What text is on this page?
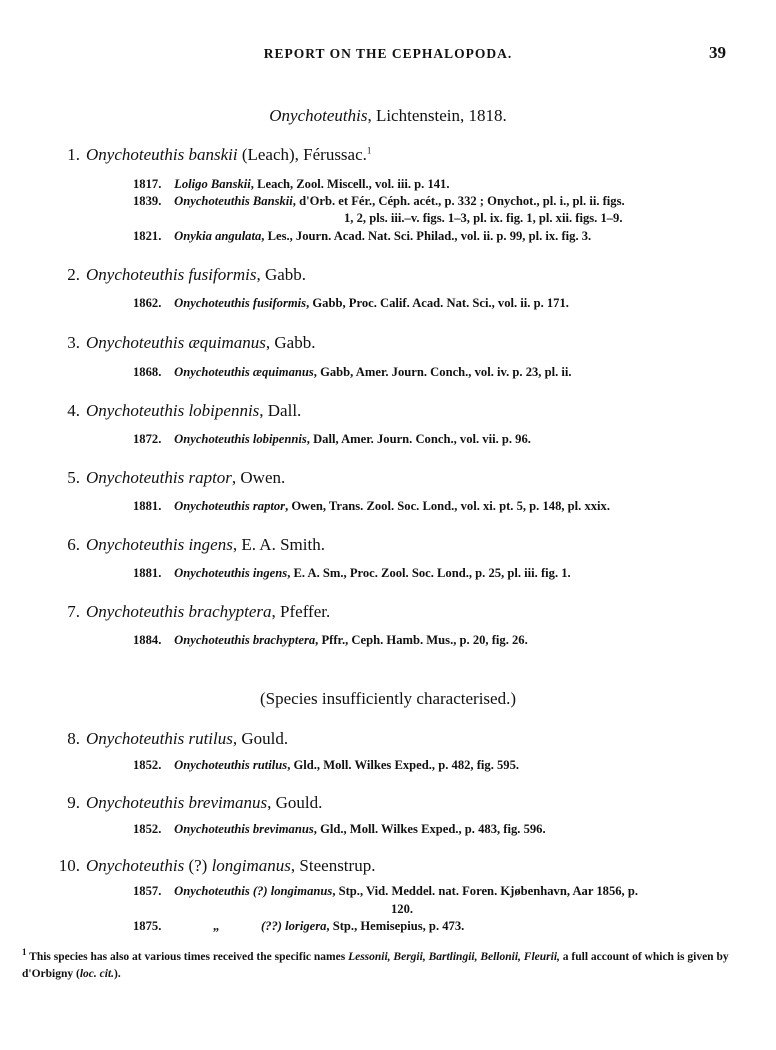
REPORT ON THE CEPHALOPODA.	39
Onychoteuthis, Lichtenstein, 1818.
1. Onychoteuthis banskii (Leach), Férussac.$^1$
1817. Loligo Banskii, Leach, Zool. Miscell., vol. iii. p. 141.
1839. Onychoteuthis Banskii, d'Orb. et Fér., Céph. acét., p. 332 ; Onychot., pl. i., pl. ii. figs.
1, 2, pls. iii.–v. figs. 1–3, pl. ix. fig. 1, pl. xii. figs. 1–9.
1821. Onykia angulata, Les., Journ. Acad. Nat. Sci. Philad., vol. ii. p. 99, pl. ix. fig. 3.
2. Onychoteuthis fusiformis, Gabb.
1862. Onychoteuthis fusiformis, Gabb, Proc. Calif. Acad. Nat. Sci., vol. ii. p. 171.
3. Onychoteuthis æquimanus, Gabb.
1868. Onychoteuthis æquimanus, Gabb, Amer. Journ. Conch., vol. iv. p. 23, pl. ii.
4. Onychoteuthis lobipennis, Dall.
1872. Onychoteuthis lobipennis, Dall, Amer. Journ. Conch., vol. vii. p. 96.
5. Onychoteuthis raptor, Owen.
1881. Onychoteuthis raptor, Owen, Trans. Zool. Soc. Lond., vol. xi. pt. 5, p. 148, pl. xxix.
6. Onychoteuthis ingens, E. A. Smith.
1881. Onychoteuthis ingens, E. A. Sm., Proc. Zool. Soc. Lond., p. 25, pl. iii. fig. 1.
7. Onychoteuthis brachyptera, Pfeffer.
1884. Onychoteuthis brachyptera, Pffr., Ceph. Hamb. Mus., p. 20, fig. 26.
(Species insufficiently characterised.)
8. Onychoteuthis rutilus, Gould.
1852. Onychoteuthis rutilus, Gld., Moll. Wilkes Exped., p. 482, fig. 595.
9. Onychoteuthis brevimanus, Gould.
1852. Onychoteuthis brevimanus, Gld., Moll. Wilkes Exped., p. 483, fig. 596.
10. Onychoteuthis (?) longimanus, Steenstrup.
1857. Onychoteuthis (?) longimanus, Stp., Vid. Meddel. nat. Foren. Kjøbenhavn, Aar 1856, p.
120.
1875.	„	(??) lorigera, Stp., Hemisepius, p. 473.
$^1$ This species has also at various times received the specific names Lessonii, Bergii, Bartlingii, Bellonii, Fleurii, a full account of which is given by d'Orbigny (loc. cit.).
